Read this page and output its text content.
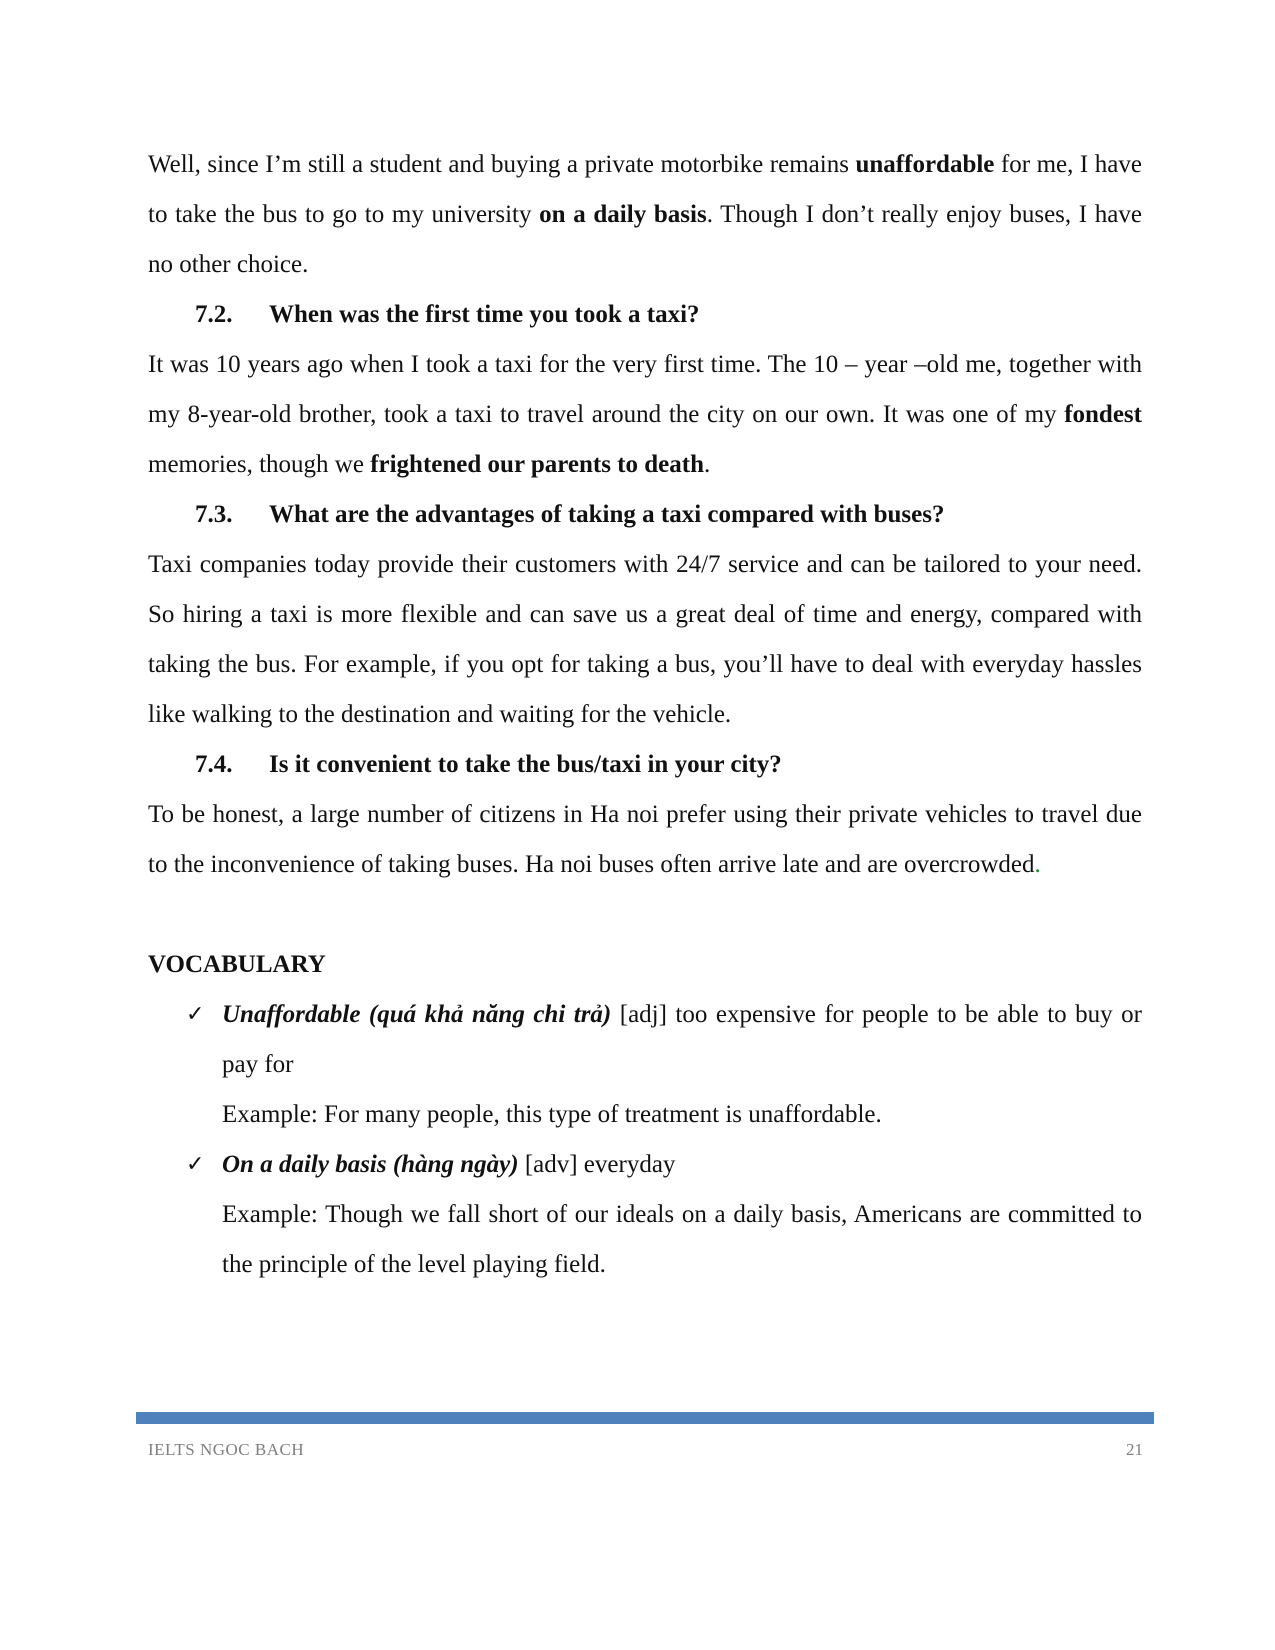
Well, since I’m still a student and buying a private motorbike remains unaffordable for me, I have to take the bus to go to my university on a daily basis. Though I don’t really enjoy buses, I have no other choice.

7.2.	When was the first time you took a taxi?

It was 10 years ago when I took a taxi for the very first time. The 10 – year –old me, together with my 8-year-old brother, took a taxi to travel around the city on our own. It was one of my fondest memories, though we frightened our parents to death.

7.3.	What are the advantages of taking a taxi compared with buses?

Taxi companies today provide their customers with 24/7 service and can be tailored to your need. So hiring a taxi is more flexible and can save us a great deal of time and energy, compared with taking the bus. For example, if you opt for taking a bus, you’ll have to deal with everyday hassles like walking to the destination and waiting for the vehicle.

7.4.	Is it convenient to take the bus/taxi in your city?

To be honest, a large number of citizens in Ha noi prefer using their private vehicles to travel due to the inconvenience of taking buses. Ha noi buses often arrive late and are overcrowded.

VOCABULARY

✓ Unaffordable (quá khả năng chi trả) [adj] too expensive for people to be able to buy or pay for

Example: For many people, this type of treatment is unaffordable.

✓ On a daily basis (hàng ngày) [adv] everyday

Example: Though we fall short of our ideals on a daily basis, Americans are committed to the principle of the level playing field.

IELTS NGOC BACH	21
